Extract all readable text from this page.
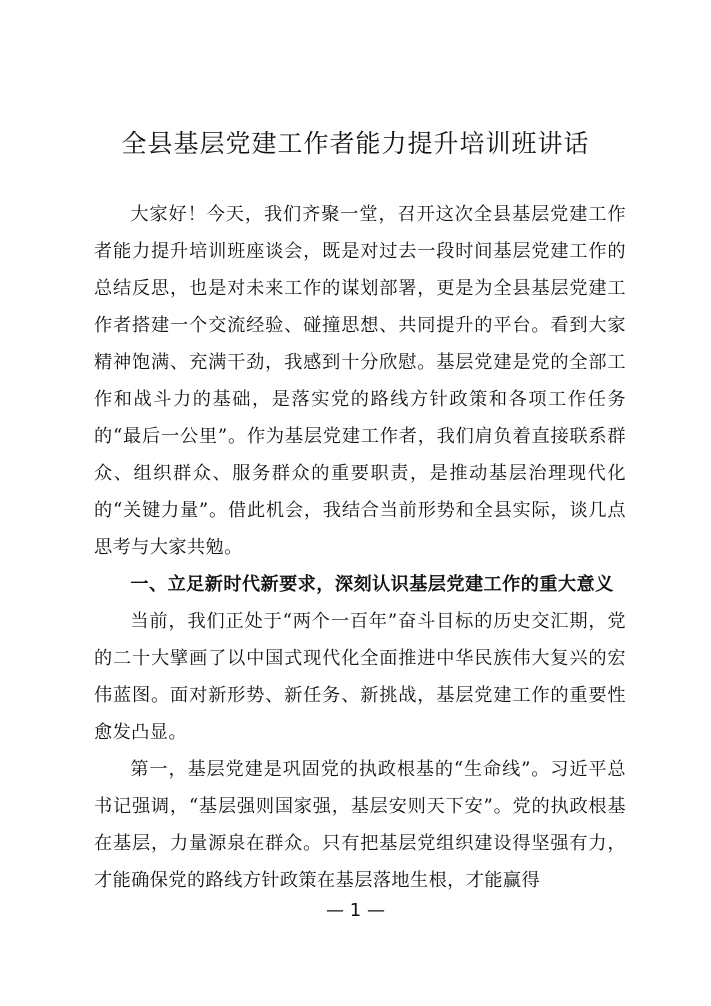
全县基层党建工作者能力提升培训班讲话

大家好！今天，我们齐聚一堂，召开这次全县基层党建工作者能力提升培训班座谈会，既是对过去一段时间基层党建工作的总结反思，也是对未来工作的谋划部署，更是为全县基层党建工作者搭建一个交流经验、碰撞思想、共同提升的平台。看到大家精神饱满、充满干劲，我感到十分欣慰。基层党建是党的全部工作和战斗力的基础，是落实党的路线方针政策和各项工作任务的“最后一公里”。作为基层党建工作者，我们肩负着直接联系群众、组织群众、服务群众的重要职责，是推动基层治理现代化的“关键力量”。借此机会，我结合当前形势和全县实际，谈几点思考与大家共勉。

一、立足新时代新要求，深刻认识基层党建工作的重大意义

当前，我们正处于“两个一百年”奋斗目标的历史交汇期，党的二十大擘画了以中国式现代化全面推进中华民族伟大复兴的宏伟蓝图。面对新形势、新任务、新挑战，基层党建工作的重要性愈发凸显。

第一，基层党建是巩固党的执政根基的“生命线”。习近平总书记强调，“基层强则国家强，基层安则天下安”。党的执政根基在基层，力量源泉在群众。只有把基层党组织建设得坚强有力，才能确保党的路线方针政策在基层落地生根，才能赢得

— 1 —
